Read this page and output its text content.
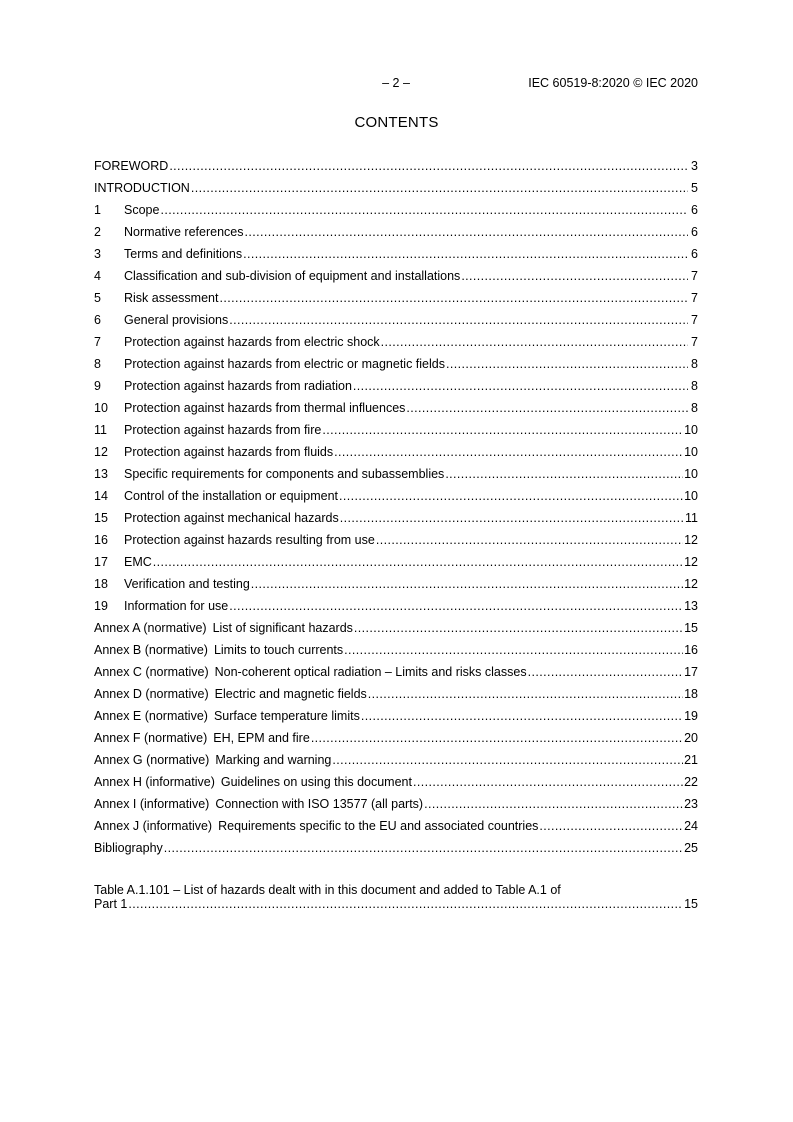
– 2 –	IEC 60519-8:2020 © IEC 2020
CONTENTS
FOREWORD .....	3
INTRODUCTION .....	5
1	Scope .....	6
2	Normative references .....	6
3	Terms and definitions .....	6
4	Classification and sub-division of equipment and installations .....	7
5	Risk assessment .....	7
6	General provisions .....	7
7	Protection against hazards from electric shock .....	7
8	Protection against hazards from electric or magnetic fields .....	8
9	Protection against hazards from radiation .....	8
10	Protection against hazards from thermal influences .....	8
11	Protection against hazards from fire .....	10
12	Protection against hazards from fluids .....	10
13	Specific requirements for components and subassemblies .....	10
14	Control of the installation or equipment .....	10
15	Protection against mechanical hazards .....	11
16	Protection against hazards resulting from use .....	12
17	EMC .....	12
18	Verification and testing .....	12
19	Information for use .....	13
Annex A (normative) List of significant hazards .....	15
Annex B (normative) Limits to touch currents .....	16
Annex C (normative) Non-coherent optical radiation – Limits and risks classes .....	17
Annex D (normative) Electric and magnetic fields .....	18
Annex E (normative) Surface temperature limits .....	19
Annex F (normative) EH, EPM and fire .....	20
Annex G (normative) Marking and warning .....	21
Annex H (informative) Guidelines on using this document .....	22
Annex I (informative) Connection with ISO 13577 (all parts) .....	23
Annex J (informative) Requirements specific to the EU and associated countries .....	24
Bibliography .....	25
Table A.1.101 – List of hazards dealt with in this document and added to Table A.1 of
Part 1 .....	15
